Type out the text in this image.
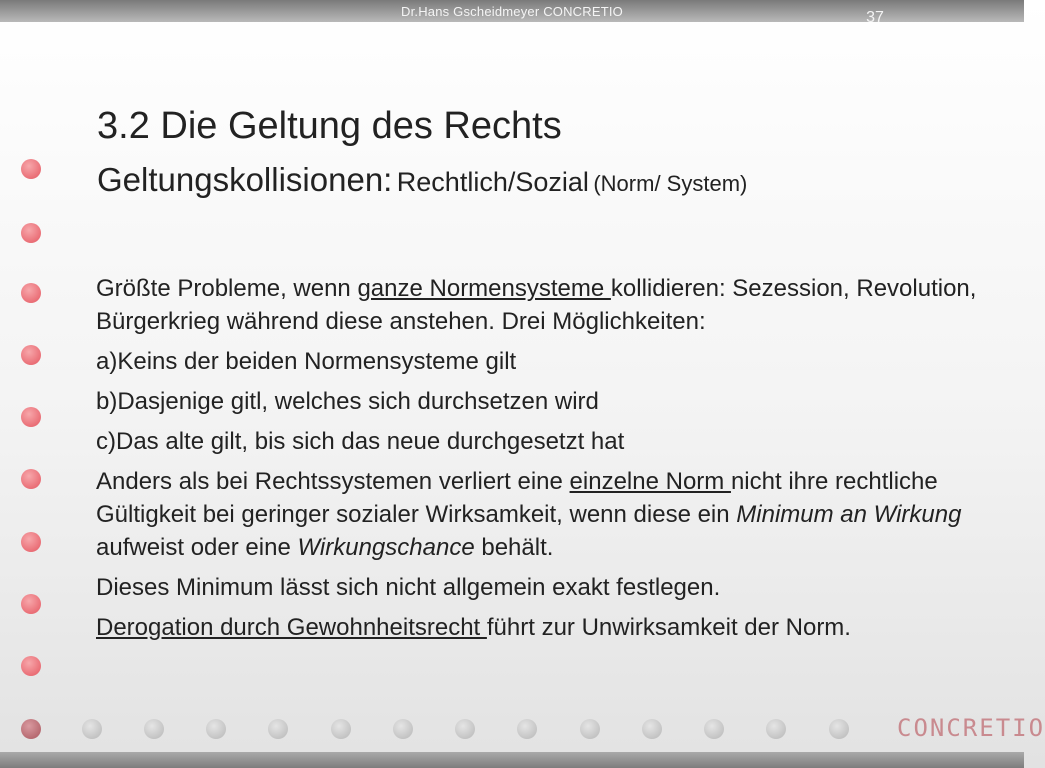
Dr.Hans Gscheidmeyer CONCRETIO	37
3.2 Die Geltung des Rechts
Geltungskollisionen: Rechtlich/Sozial (Norm/ System)

Größte Probleme, wenn ganze Normensysteme kollidieren: Sezession, Revolution, Bürgerkrieg während diese anstehen. Drei Möglichkeiten:

a)Keins der beiden Normensysteme gilt

b)Dasjenige gitl, welches sich durchsetzen wird

c)Das alte gilt, bis sich das neue durchgesetzt hat

Anders als bei Rechtssystemen verliert eine einzelne Norm nicht ihre rechtliche Gültigkeit bei geringer sozialer Wirksamkeit, wenn diese ein Minimum an Wirkung aufweist oder eine Wirkungschance behält.

Dieses Minimum lässt sich nicht allgemein exakt festlegen.

Derogation durch Gewohnheitsrecht führt zur Unwirksamkeit der Norm.

CONCRETIO
